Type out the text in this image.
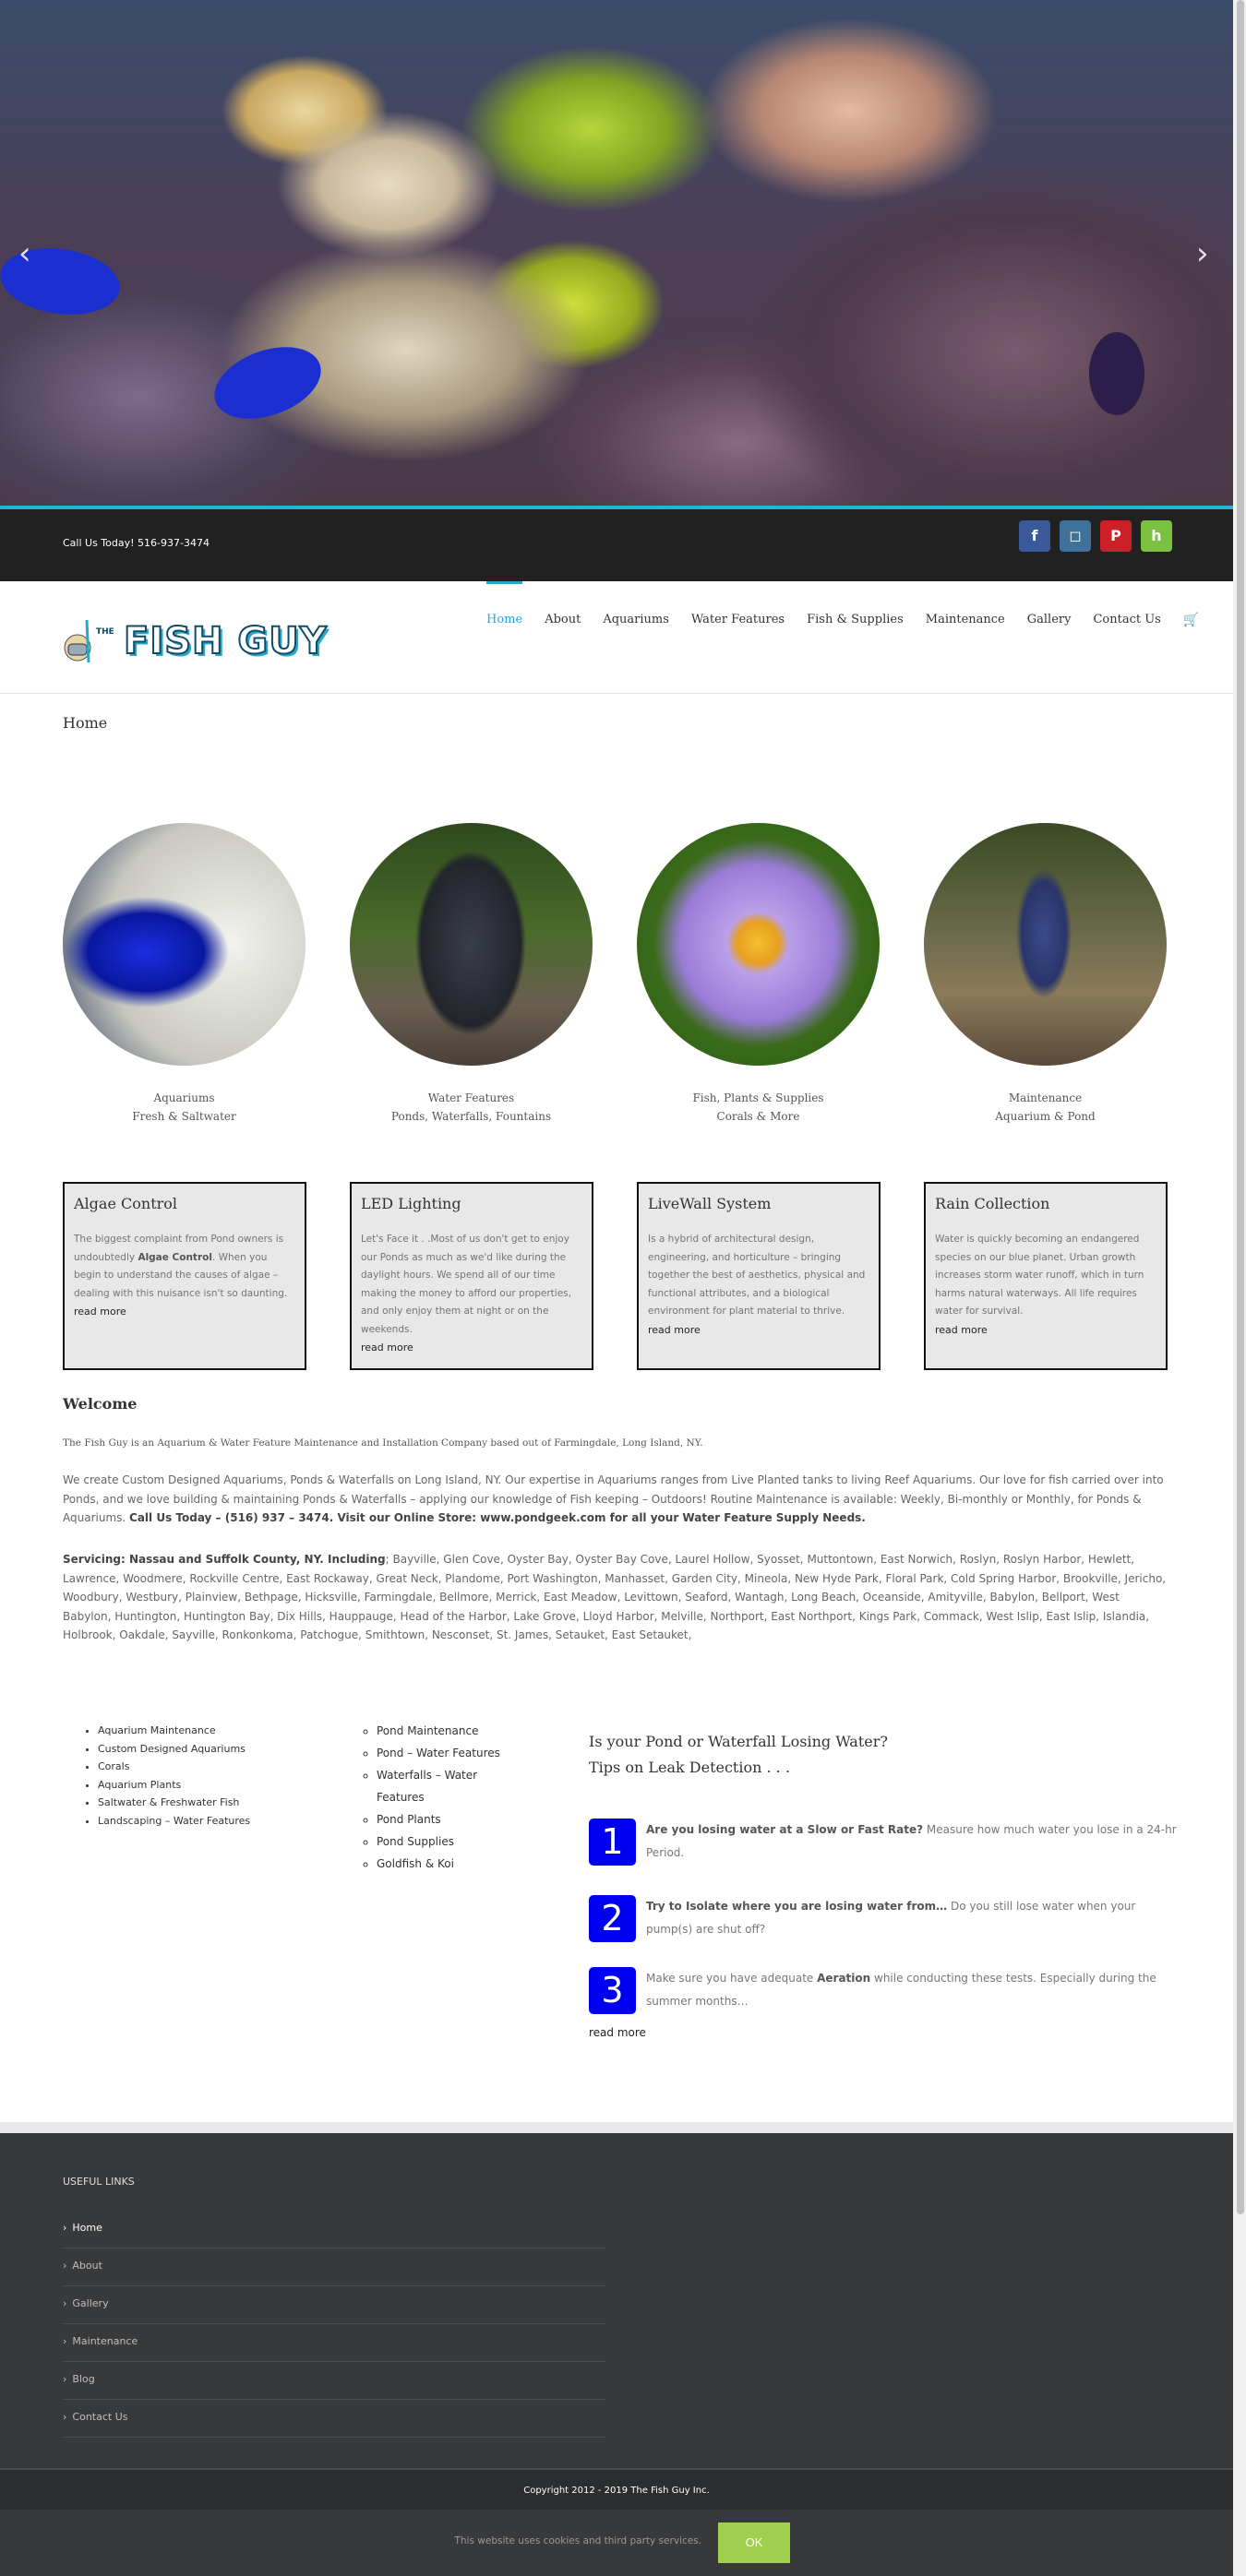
‹	›
Call Us Today! 516-937-3474	f	◻	P	h
THE FISH GUY
Home	About	Aquariums	Water Features	Fish & Supplies	Maintenance	Gallery	Contact Us	🛒
Home
Aquariums
Fresh & Saltwater
Water Features
Ponds, Waterfalls, Fountains
Fish, Plants & Supplies
Corals & More
Maintenance
Aquarium & Pond
Algae Control

The biggest complaint from Pond owners is undoubtedly Algae Control. When you begin to understand the causes of algae – dealing with this nuisance isn't so daunting.

read more
LED Lighting

Let's Face it . .Most of us don't get to enjoy our Ponds as much as we'd like during the daylight hours. We spend all of our time making the money to afford our properties, and only enjoy them at night or on the weekends.

read more
LiveWall System

Is a hybrid of architectural design, engineering, and horticulture – bringing together the best of aesthetics, physical and functional attributes, and a biological environment for plant material to thrive.

read more
Rain Collection

Water is quickly becoming an endangered species on our blue planet. Urban growth increases storm water runoff, which in turn harms natural waterways. All life requires water for survival.

read more
Welcome
The Fish Guy is an Aquarium & Water Feature Maintenance and Installation Company based out of Farmingdale, Long Island, NY.
We create Custom Designed Aquariums, Ponds & Waterfalls on Long Island, NY. Our expertise in Aquariums ranges from Live Planted tanks to living Reef Aquariums. Our love for fish carried over into Ponds, and we love building & maintaining Ponds & Waterfalls – applying our knowledge of Fish keeping – Outdoors! Routine Maintenance is available: Weekly, Bi-monthly or Monthly, for Ponds & Aquariums. Call Us Today – (516) 937 – 3474. Visit our Online Store: www.pondgeek.com for all your Water Feature Supply Needs.
Servicing: Nassau and Suffolk County, NY. Including; Bayville, Glen Cove, Oyster Bay, Oyster Bay Cove, Laurel Hollow, Syosset, Muttontown, East Norwich, Roslyn, Roslyn Harbor, Hewlett, Lawrence, Woodmere, Rockville Centre, East Rockaway, Great Neck, Plandome, Port Washington, Manhasset, Garden City, Mineola, New Hyde Park, Floral Park, Cold Spring Harbor, Brookville, Jericho, Woodbury, Westbury, Plainview, Bethpage, Hicksville, Farmingdale, Bellmore, Merrick, East Meadow, Levittown, Seaford, Wantagh, Long Beach, Oceanside, Amityville, Babylon, Bellport, West Babylon, Huntington, Huntington Bay, Dix Hills, Hauppauge, Head of the Harbor, Lake Grove, Lloyd Harbor, Melville, Northport, East Northport, Kings Park, Commack, West Islip, East Islip, Islandia, Holbrook, Oakdale, Sayville, Ronkonkoma, Patchogue, Smithtown, Nesconset, St. James, Setauket, East Setauket,
• Aquarium Maintenance
• Custom Designed Aquariums
• Corals
• Aquarium Plants
• Saltwater & Freshwater Fish
• Landscaping – Water Features
◦ Pond Maintenance
◦ Pond – Water Features
◦ Waterfalls – Water Features
◦ Pond Plants
◦ Pond Supplies
◦ Goldfish & Koi
Is your Pond or Waterfall Losing Water?
Tips on Leak Detection . . .
1	Are you losing water at a Slow or Fast Rate? Measure how much water you lose in a 24-hr Period.

2	Try to Isolate where you are losing water from… Do you still lose water when your pump(s) are shut off?

3	Make sure you have adequate Aeration while conducting these tests. Especially during the summer months…

read more
USEFUL LINKS
› Home
› About
› Gallery
› Maintenance
› Blog
› Contact Us
Copyright 2012 - 2019 The Fish Guy Inc.
This website uses cookies and third party services.	OK
